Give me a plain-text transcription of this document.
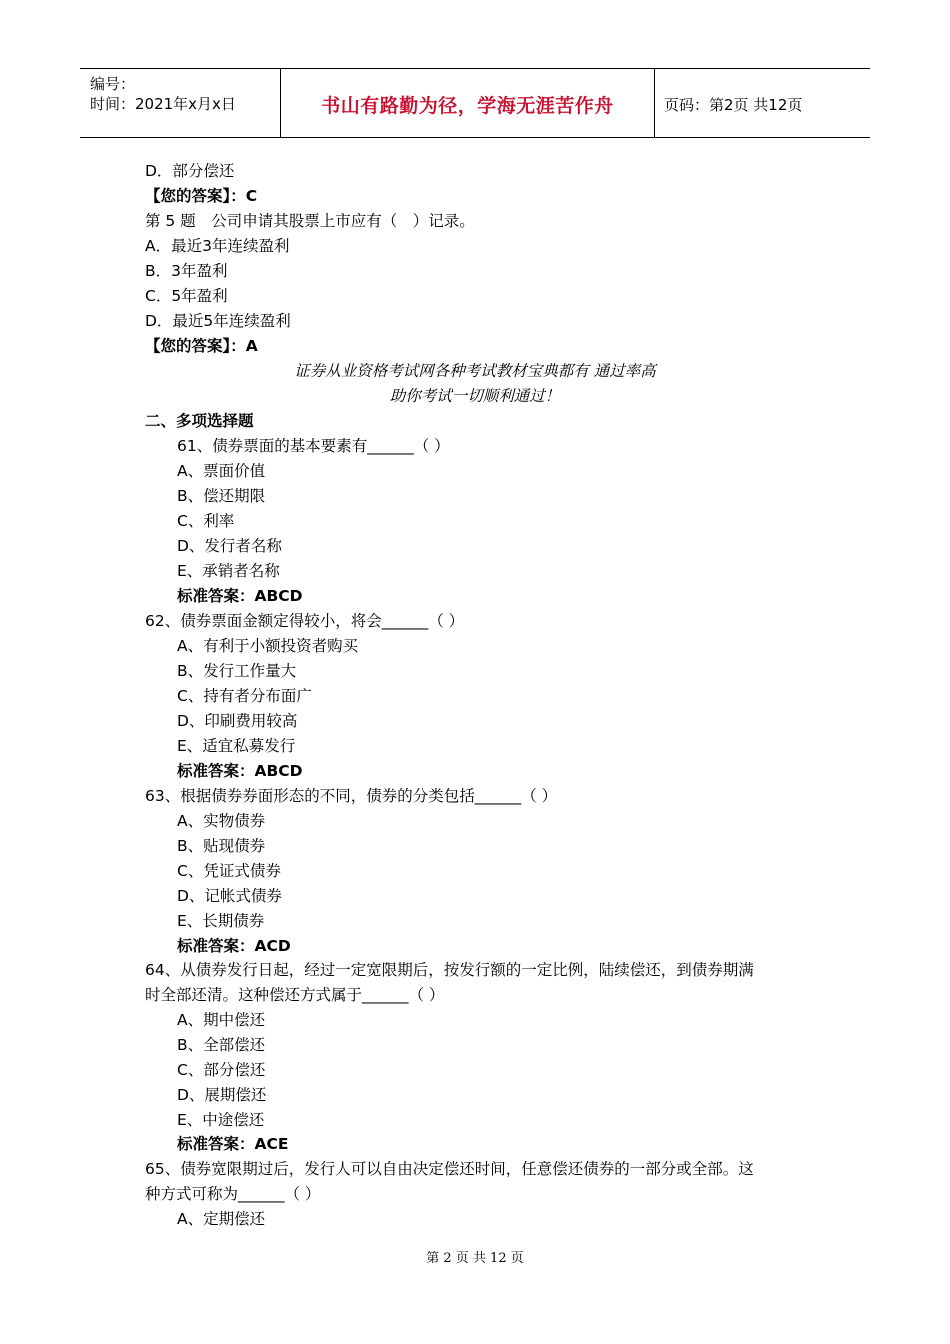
编号：
时间：2021年x月x日	书山有路勤为径，学海无涯苦作舟	页码：第2页 共12页
D．部分偿还
【您的答案】：C
第 5 题　公司申请其股票上市应有（　）记录。
A．最近3年连续盈利
B．3年盈利
C．5年盈利
D．最近5年连续盈利
【您的答案】：A
证券从业资格考试网各种考试教材宝典都有 通过率高
助你考试一切顺利通过！
二、多项选择题
61、债券票面的基本要素有______（ ）
A、票面价值
B、偿还期限
C、利率
D、发行者名称
E、承销者名称
标准答案：ABCD
62、债券票面金额定得较小，将会______（ ）
A、有利于小额投资者购买
B、发行工作量大
C、持有者分布面广
D、印刷费用较高
E、适宜私募发行
标准答案：ABCD
63、根据债券券面形态的不同，债券的分类包括______（ ）
A、实物债券
B、贴现债券
C、凭证式债券
D、记帐式债券
E、长期债券
标准答案：ACD
64、从债券发行日起，经过一定宽限期后，按发行额的一定比例，陆续偿还，到债券期满
时全部还清。这种偿还方式属于______（ ）
A、期中偿还
B、全部偿还
C、部分偿还
D、展期偿还
E、中途偿还
标准答案：ACE
65、债券宽限期过后，发行人可以自由决定偿还时间，任意偿还债券的一部分或全部。这
种方式可称为______（ ）
A、定期偿还
第 2 页 共 12 页
